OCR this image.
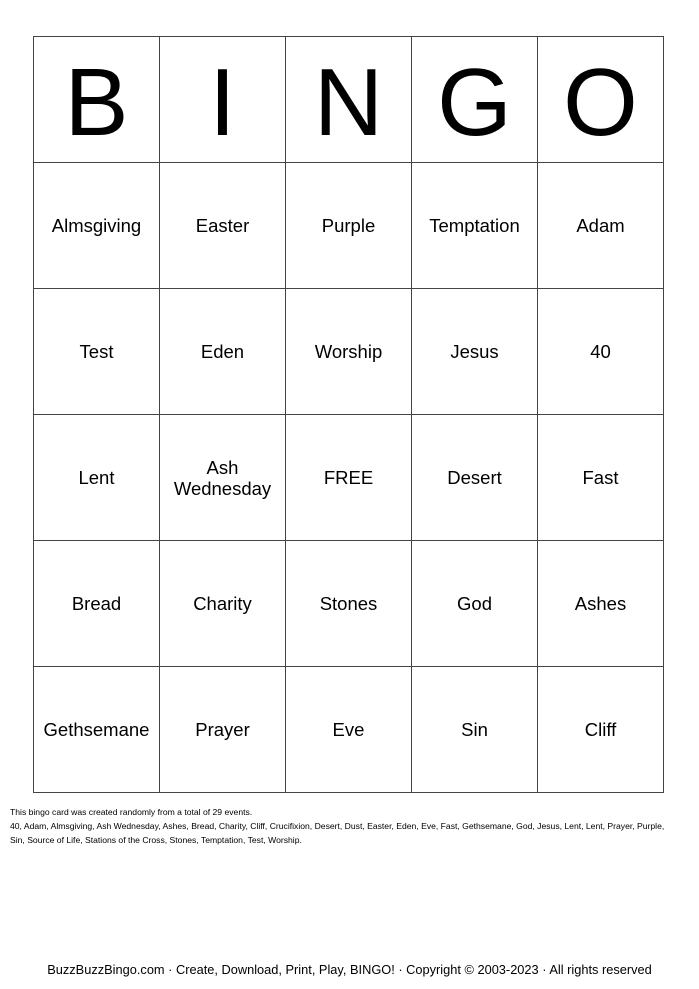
B	I	N	G	O
Almsgiving	Easter	Purple	Temptation	Adam
Test	Eden	Worship	Jesus	40
Lent	Ash Wednesday	FREE	Desert	Fast
Bread	Charity	Stones	God	Ashes
Gethsemane	Prayer	Eve	Sin	Cliff

This bingo card was created randomly from a total of 29 events.

40, Adam, Almsgiving, Ash Wednesday, Ashes, Bread, Charity, Cliff, Crucifixion, Desert, Dust, Easter, Eden, Eve, Fast, Gethsemane, God, Jesus, Lent, Lent, Prayer, Purple, Sin, Source of Life, Stations of the Cross, Stones, Temptation, Test, Worship.

BuzzBuzzBingo.com · Create, Download, Print, Play, BINGO! · Copyright © 2003-2023 · All rights reserved
